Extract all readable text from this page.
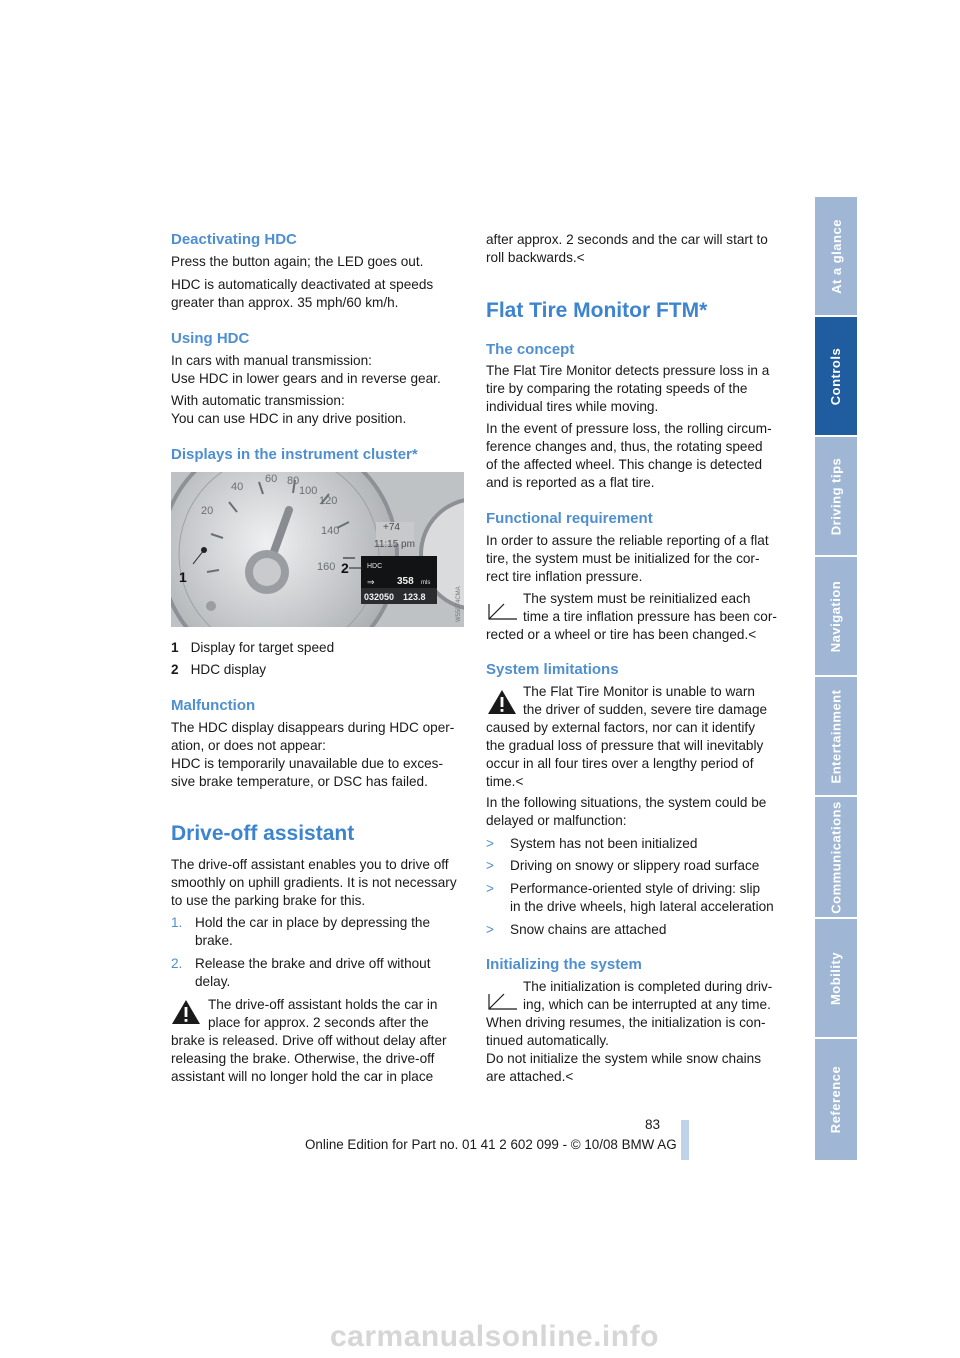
Deactivating HDC
Press the button again; the LED goes out.
HDC is automatically deactivated at speeds
greater than approx. 35 mph/60 km/h.
Using HDC
In cars with manual transmission:
Use HDC in lower gears and in reverse gear.
With automatic transmission:
You can use HDC in any drive position.
Displays in the instrument cluster*
20
40
60 80
100
120
140
160
+74
11:15 pm
HDC
⇒ 358 mls
032050 123.8
1
2
W55074CMA
1 Display for target speed
2 HDC display
Malfunction
The HDC display disappears during HDC oper-
ation, or does not appear:
HDC is temporarily unavailable due to exces-
sive brake temperature, or DSC has failed.
Drive-off assistant
The drive-off assistant enables you to drive off
smoothly on uphill gradients. It is not necessary
to use the parking brake for this.
1. Hold the car in place by depressing the
brake.
2. Release the brake and drive off without
delay.
The drive-off assistant holds the car in
place for approx. 2 seconds after the
brake is released. Drive off without delay after
releasing the brake. Otherwise, the drive-off
assistant will no longer hold the car in place
after approx. 2 seconds and the car will start to
roll backwards.<
Flat Tire Monitor FTM*
The concept
The Flat Tire Monitor detects pressure loss in a
tire by comparing the rotating speeds of the
individual tires while moving.
In the event of pressure loss, the rolling circum-
ference changes and, thus, the rotating speed
of the affected wheel. This change is detected
and is reported as a flat tire.
Functional requirement
In order to assure the reliable reporting of a flat
tire, the system must be initialized for the cor-
rect tire inflation pressure.
The system must be reinitialized each
time a tire inflation pressure has been cor-
rected or a wheel or tire has been changed.<
System limitations
The Flat Tire Monitor is unable to warn
the driver of sudden, severe tire damage
caused by external factors, nor can it identify
the gradual loss of pressure that will inevitably
occur in all four tires over a lengthy period of
time.<
In the following situations, the system could be
delayed or malfunction:
> System has not been initialized
> Driving on snowy or slippery road surface
> Performance-oriented style of driving: slip
in the drive wheels, high lateral acceleration
> Snow chains are attached
Initializing the system
The initialization is completed during driv-
ing, which can be interrupted at any time.
When driving resumes, the initialization is con-
tinued automatically.
Do not initialize the system while snow chains
are attached.<
At a glance
Controls
Driving tips
Navigation
Entertainment
Communications
Mobility
Reference
83
Online Edition for Part no. 01 41 2 602 099 - © 10/08 BMW AG
carmanualsonline.info
